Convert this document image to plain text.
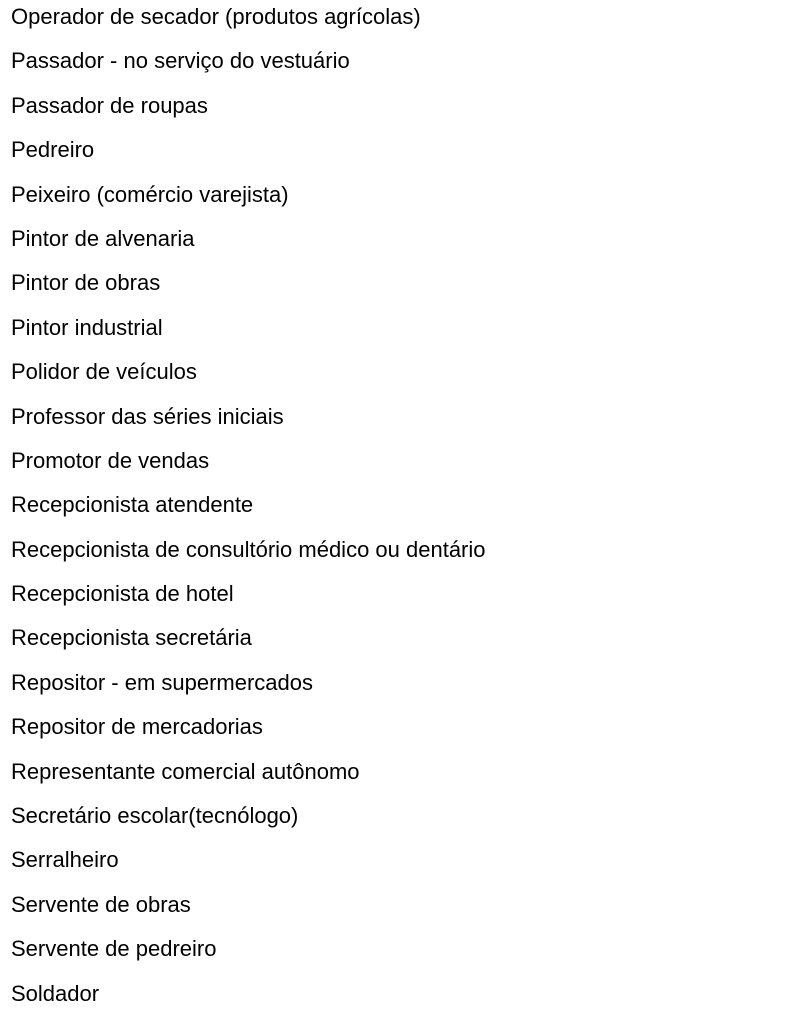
Operador de secador (produtos agrícolas)
Passador - no serviço do vestuário
Passador de roupas
Pedreiro
Peixeiro (comércio varejista)
Pintor de alvenaria
Pintor de obras
Pintor industrial
Polidor de veículos
Professor das séries iniciais
Promotor de vendas
Recepcionista atendente
Recepcionista de consultório médico ou dentário
Recepcionista de hotel
Recepcionista secretária
Repositor - em supermercados
Repositor de mercadorias
Representante comercial autônomo
Secretário escolar(tecnólogo)
Serralheiro
Servente de obras
Servente de pedreiro
Soldador
